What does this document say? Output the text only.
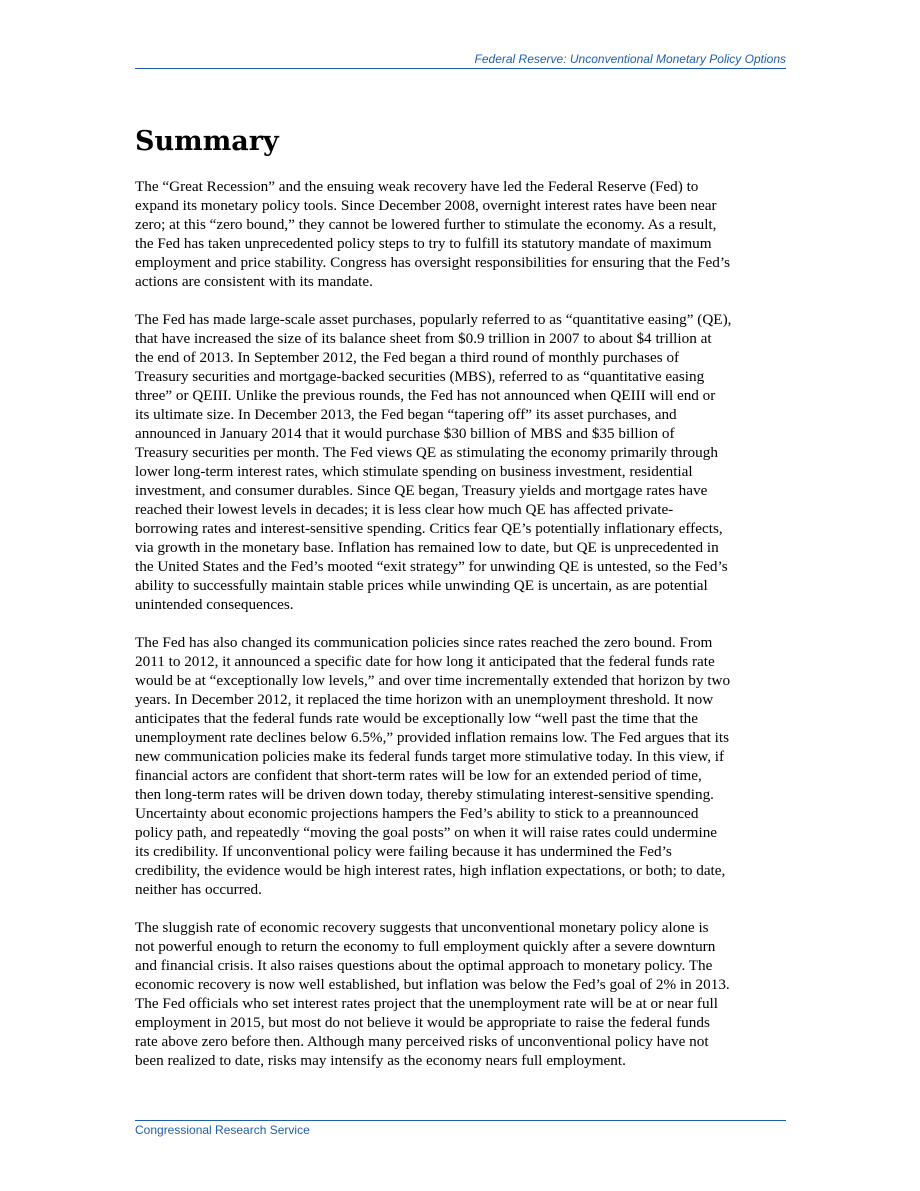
Federal Reserve: Unconventional Monetary Policy Options
Summary

The “Great Recession” and the ensuing weak recovery have led the Federal Reserve (Fed) to
expand its monetary policy tools. Since December 2008, overnight interest rates have been near
zero; at this “zero bound,” they cannot be lowered further to stimulate the economy. As a result,
the Fed has taken unprecedented policy steps to try to fulfill its statutory mandate of maximum
employment and price stability. Congress has oversight responsibilities for ensuring that the Fed’s
actions are consistent with its mandate.

The Fed has made large-scale asset purchases, popularly referred to as “quantitative easing” (QE),
that have increased the size of its balance sheet from $0.9 trillion in 2007 to about $4 trillion at
the end of 2013. In September 2012, the Fed began a third round of monthly purchases of
Treasury securities and mortgage-backed securities (MBS), referred to as “quantitative easing
three” or QEIII. Unlike the previous rounds, the Fed has not announced when QEIII will end or
its ultimate size. In December 2013, the Fed began “tapering off” its asset purchases, and
announced in January 2014 that it would purchase $30 billion of MBS and $35 billion of
Treasury securities per month. The Fed views QE as stimulating the economy primarily through
lower long-term interest rates, which stimulate spending on business investment, residential
investment, and consumer durables. Since QE began, Treasury yields and mortgage rates have
reached their lowest levels in decades; it is less clear how much QE has affected private-
borrowing rates and interest-sensitive spending. Critics fear QE’s potentially inflationary effects,
via growth in the monetary base. Inflation has remained low to date, but QE is unprecedented in
the United States and the Fed’s mooted “exit strategy” for unwinding QE is untested, so the Fed’s
ability to successfully maintain stable prices while unwinding QE is uncertain, as are potential
unintended consequences.

The Fed has also changed its communication policies since rates reached the zero bound. From
2011 to 2012, it announced a specific date for how long it anticipated that the federal funds rate
would be at “exceptionally low levels,” and over time incrementally extended that horizon by two
years. In December 2012, it replaced the time horizon with an unemployment threshold. It now
anticipates that the federal funds rate would be exceptionally low “well past the time that the
unemployment rate declines below 6.5%,” provided inflation remains low. The Fed argues that its
new communication policies make its federal funds target more stimulative today. In this view, if
financial actors are confident that short-term rates will be low for an extended period of time,
then long-term rates will be driven down today, thereby stimulating interest-sensitive spending.
Uncertainty about economic projections hampers the Fed’s ability to stick to a preannounced
policy path, and repeatedly “moving the goal posts” on when it will raise rates could undermine
its credibility. If unconventional policy were failing because it has undermined the Fed’s
credibility, the evidence would be high interest rates, high inflation expectations, or both; to date,
neither has occurred.

The sluggish rate of economic recovery suggests that unconventional monetary policy alone is
not powerful enough to return the economy to full employment quickly after a severe downturn
and financial crisis. It also raises questions about the optimal approach to monetary policy. The
economic recovery is now well established, but inflation was below the Fed’s goal of 2% in 2013.
The Fed officials who set interest rates project that the unemployment rate will be at or near full
employment in 2015, but most do not believe it would be appropriate to raise the federal funds
rate above zero before then. Although many perceived risks of unconventional policy have not
been realized to date, risks may intensify as the economy nears full employment.

Congressional Research Service
